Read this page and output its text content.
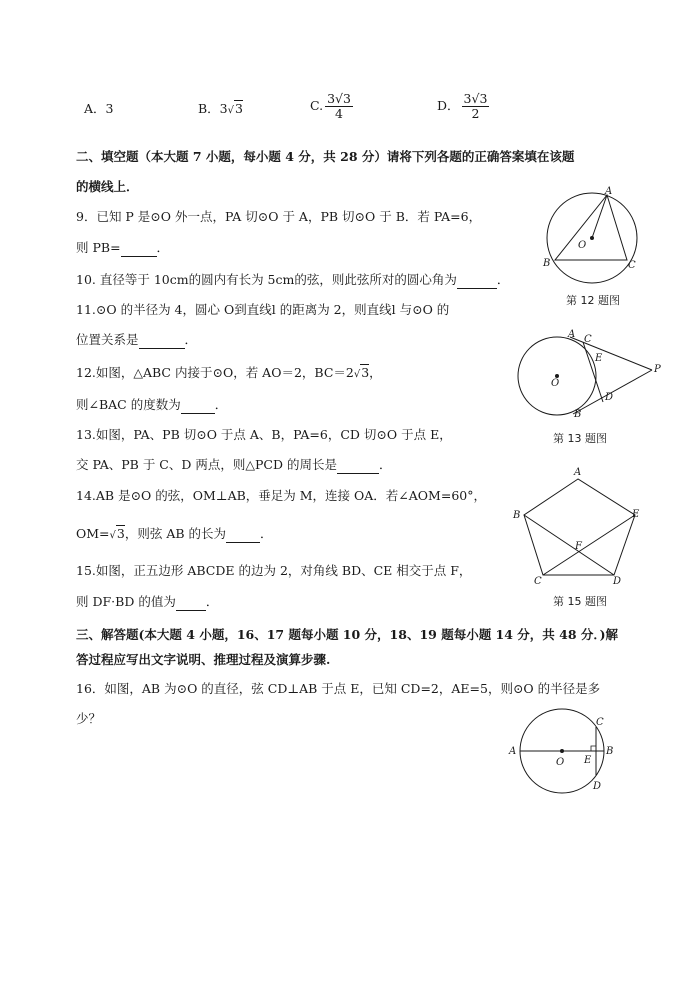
A．3	B．3√3	C. $\frac{3√3}{4}$	D． $\frac{3√3}{2}$
二、填空题（本大题 7 小题，每小题 4 分，共 28 分）请将下列各题的正确答案填在该题
的横线上．
9．已知 P 是⊙O 外一点，PA 切⊙O 于 A，PB 切⊙O 于 B．若 PA=6，
则 PB=	．
10. 直径等于 10cm的圆内有长为 5cm的弦，则此弦所对的圆心角为	．
11.⊙O 的半径为 4，圆心 O到直线l 的距离为 2，则直线l 与⊙O 的
位置关系是	．
12.如图，△ABC 内接于⊙O，若 AO＝2，BC＝2√3，
则∠BAC 的度数为	．
13.如图，PA、PB 切⊙O 于点 A、B，PA=6，CD 切⊙O 于点 E，
交 PA、PB 于 C、D 两点，则△PCD 的周长是	．
14.AB 是⊙O 的弦，OM⊥AB，垂足为 M，连接 OA．若∠AOM=60°，
OM=√3，则弦 AB 的长为	．
15.如图，正五边形 ABCDE 的边为 2，对角线 BD、CE 相交于点 F，
则 DF·BD 的值为 ．
三、解答题(本大题 4 小题，16、17 题每小题 10 分，18、19 题每小题 14 分，共 48 分．)解
答过程应写出文字说明、推理过程及演算步骤.
16．如图，AB 为⊙O 的直径，弦 CD⊥AB 于点 E，已知 CD=2，AE=5，则⊙O 的半径是多
少？
A
B	C
O
第 12 题图
A C
E
D
B
P
O
第 13 题图
A
B
C	D
E
F
第 15 题图
A	B
C
D
E
O
